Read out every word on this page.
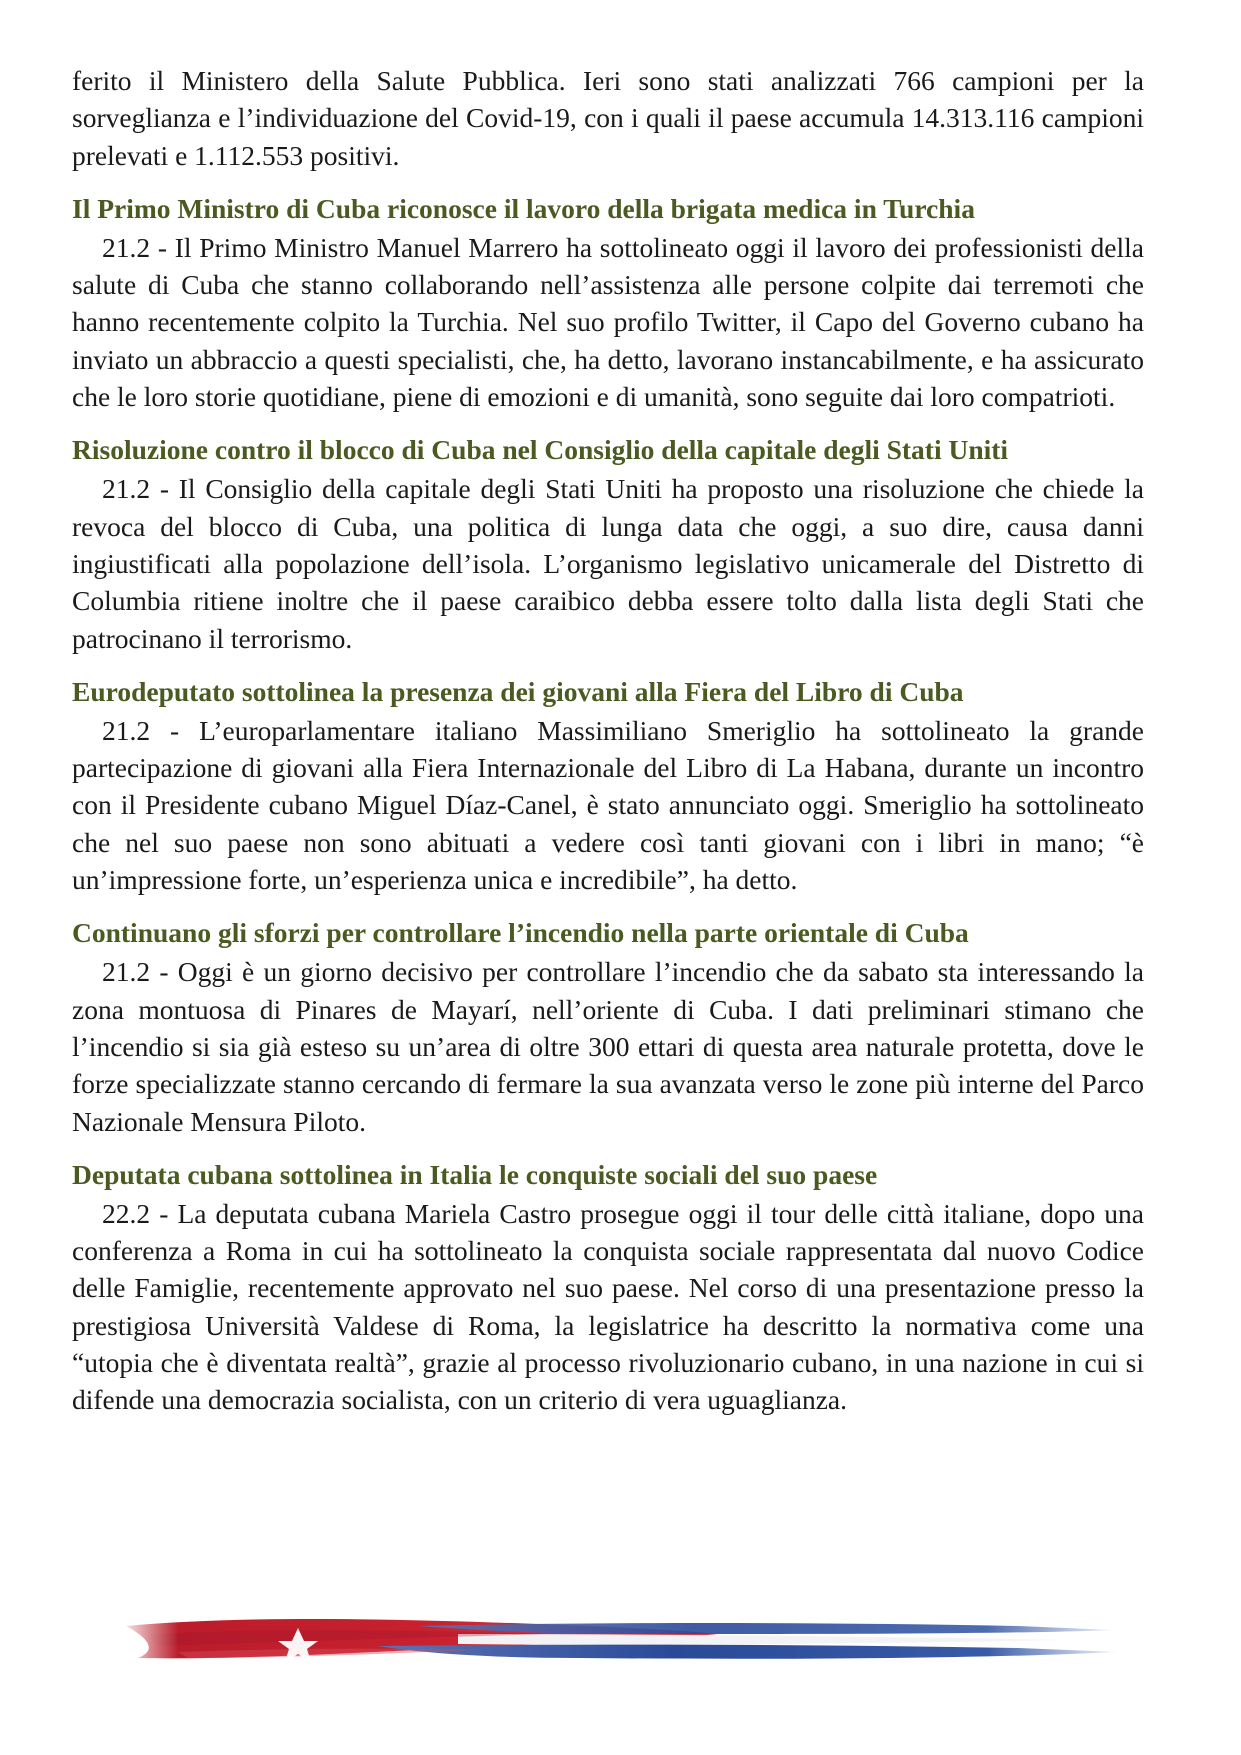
ferito il Ministero della Salute Pubblica. Ieri sono stati analizzati 766 campioni per la sorveglianza e l’individuazione del Covid-19, con i quali il paese accumula 14.313.116 campioni prelevati e 1.112.553 positivi.

Il Primo Ministro di Cuba riconosce il lavoro della brigata medica in Turchia

21.2 - Il Primo Ministro Manuel Marrero ha sottolineato oggi il lavoro dei professionisti della salute di Cuba che stanno collaborando nell’assistenza alle persone colpite dai terremoti che hanno recentemente colpito la Turchia. Nel suo profilo Twitter, il Capo del Governo cubano ha inviato un abbraccio a questi specialisti, che, ha detto, lavorano instancabilmente, e ha assicurato che le loro storie quotidiane, piene di emozioni e di umanità, sono seguite dai loro compatrioti.

Risoluzione contro il blocco di Cuba nel Consiglio della capitale degli Stati Uniti

21.2 - Il Consiglio della capitale degli Stati Uniti ha proposto una risoluzione che chiede la revoca del blocco di Cuba, una politica di lunga data che oggi, a suo dire, causa danni ingiustificati alla popolazione dell’isola. L’organismo legislativo unicamerale del Distretto di Columbia ritiene inoltre che il paese caraibico debba essere tolto dalla lista degli Stati che patrocinano il terrorismo.

Eurodeputato sottolinea la presenza dei giovani alla Fiera del Libro di Cuba

21.2 - L’europarlamentare italiano Massimiliano Smeriglio ha sottolineato la grande partecipazione di giovani alla Fiera Internazionale del Libro di La Habana, durante un incontro con il Presidente cubano Miguel Díaz-Canel, è stato annunciato oggi. Smeriglio ha sottolineato che nel suo paese non sono abituati a vedere così tanti giovani con i libri in mano; “è un’impressione forte, un’esperienza unica e incredibile”, ha detto.

Continuano gli sforzi per controllare l’incendio nella parte orientale di Cuba

21.2 - Oggi è un giorno decisivo per controllare l’incendio che da sabato sta interessando la zona montuosa di Pinares de Mayarí, nell’oriente di Cuba. I dati preliminari stimano che l’incendio si sia già esteso su un’area di oltre 300 ettari di questa area naturale protetta, dove le forze specializzate stanno cercando di fermare la sua avanzata verso le zone più interne del Parco Nazionale Mensura Piloto.

Deputata cubana sottolinea in Italia le conquiste sociali del suo paese

22.2 - La deputata cubana Mariela Castro prosegue oggi il tour delle città italiane, dopo una conferenza a Roma in cui ha sottolineato la conquista sociale rappresentata dal nuovo Codice delle Famiglie, recentemente approvato nel suo paese. Nel corso di una presentazione presso la prestigiosa Università Valdese di Roma, la legislatrice ha descritto la normativa come una “utopia che è diventata realtà”, grazie al processo rivoluzionario cubano, in una nazione in cui si difende una democrazia socialista, con un criterio di vera uguaglianza.
